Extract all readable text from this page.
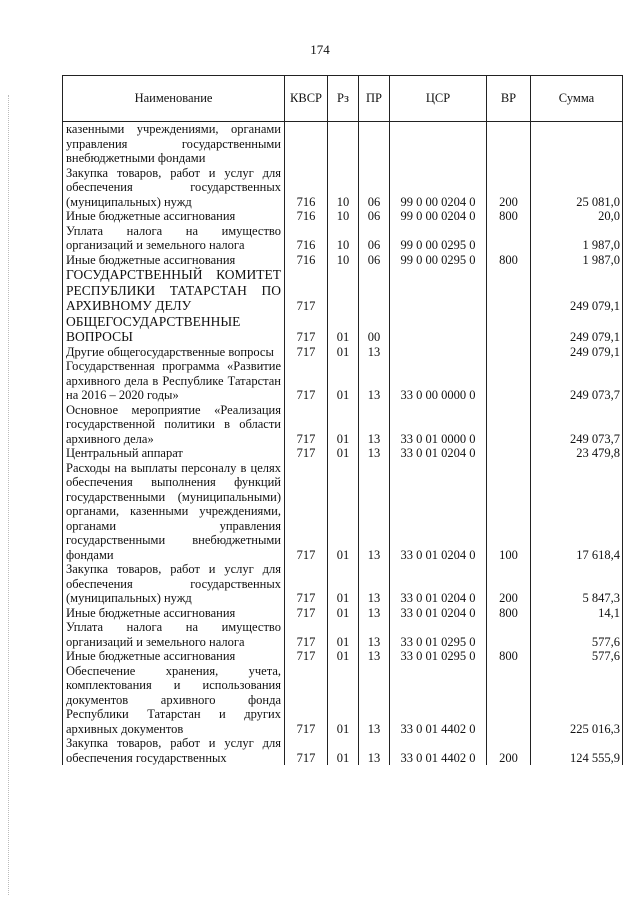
174
Наименование	КВСР	Рз	ПР	ЦСР	ВР	Сумма
казенными учреждениями, органами управления государственными внебюджетными фондами						
Закупка товаров, работ и услуг для обеспечения государственных (муниципальных) нужд	716	10	06	99 0 00 0204 0	200	25 081,0
Иные бюджетные ассигнования	716	10	06	99 0 00 0204 0	800	20,0
Уплата налога на имущество организаций и земельного налога	716	10	06	99 0 00 0295 0		1 987,0
Иные бюджетные ассигнования	716	10	06	99 0 00 0295 0	800	1 987,0
ГОСУДАРСТВЕННЫЙ КОМИТЕТ РЕСПУБЛИКИ ТАТАРСТАН ПО АРХИВНОМУ ДЕЛУ	717					249 079,1
ОБЩЕГОСУДАРСТВЕННЫЕ ВОПРОСЫ	717	01	00			249 079,1
Другие общегосударственные вопросы	717	01	13			249 079,1
Государственная программа «Развитие архивного дела в Республике Татарстан на 2016 – 2020 годы»	717	01	13	33 0 00 0000 0		249 073,7
Основное мероприятие «Реализация государственной политики в области архивного дела»	717	01	13	33 0 01 0000 0		249 073,7
Центральный аппарат	717	01	13	33 0 01 0204 0		23 479,8
Расходы на выплаты персоналу в целях обеспечения выполнения функций государственными (муниципальными) органами, казенными учреждениями, органами управления государственными внебюджетными фондами	717	01	13	33 0 01 0204 0	100	17 618,4
Закупка товаров, работ и услуг для обеспечения государственных (муниципальных) нужд	717	01	13	33 0 01 0204 0	200	5 847,3
Иные бюджетные ассигнования	717	01	13	33 0 01 0204 0	800	14,1
Уплата налога на имущество организаций и земельного налога	717	01	13	33 0 01 0295 0		577,6
Иные бюджетные ассигнования	717	01	13	33 0 01 0295 0	800	577,6
Обеспечение хранения, учета, комплектования и использования документов архивного фонда Республики Татарстан и других архивных документов	717	01	13	33 0 01 4402 0		225 016,3
Закупка товаров, работ и услуг для обеспечения государственных	717	01	13	33 0 01 4402 0	200	124 555,9
